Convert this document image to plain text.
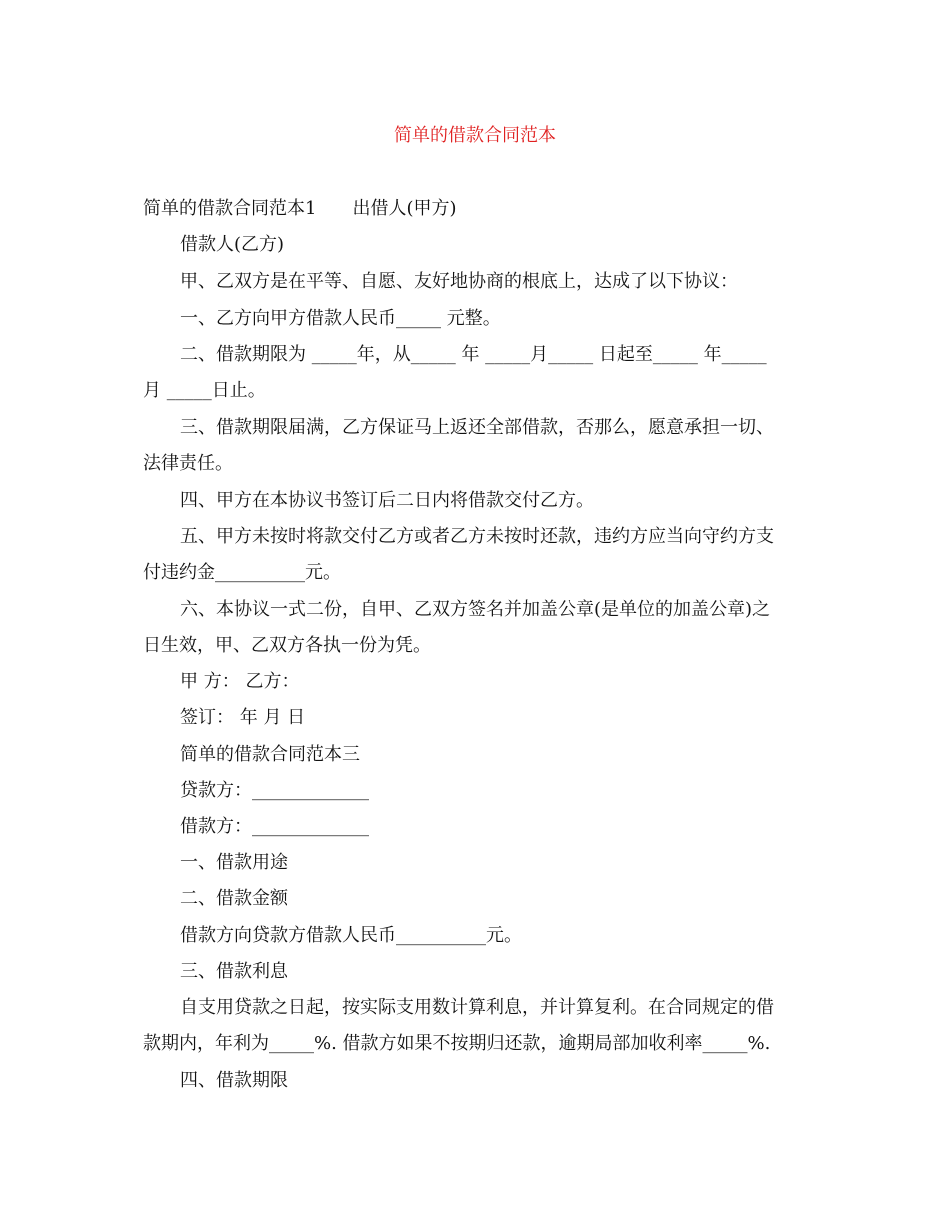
简单的借款合同范本
简单的借款合同范本1　　出借人(甲方)
借款人(乙方)
甲、乙双方是在平等、自愿、友好地协商的根底上，达成了以下协议：
一、乙方向甲方借款人民币_____ 元整。
二、借款期限为 _____年，从_____ 年 _____月_____ 日起至_____ 年_____
月 _____日止。
三、借款期限届满，乙方保证马上返还全部借款，否那么，愿意承担一切、
法律责任。
四、甲方在本协议书签订后二日内将借款交付乙方。
五、甲方未按时将款交付乙方或者乙方未按时还款，违约方应当向守约方支
付违约金__________元。
六、本协议一式二份，自甲、乙双方签名并加盖公章(是单位的加盖公章)之
日生效，甲、乙双方各执一份为凭。
甲 方： 乙方：
签订： 年 月 日
简单的借款合同范本三
贷款方：_____________
借款方：_____________
一、借款用途
二、借款金额
借款方向贷款方借款人民币__________元。
三、借款利息
自支用贷款之日起，按实际支用数计算利息，并计算复利。在合同规定的借
款期内，年利为_____%. 借款方如果不按期归还款，逾期局部加收利率_____%.
四、借款期限
